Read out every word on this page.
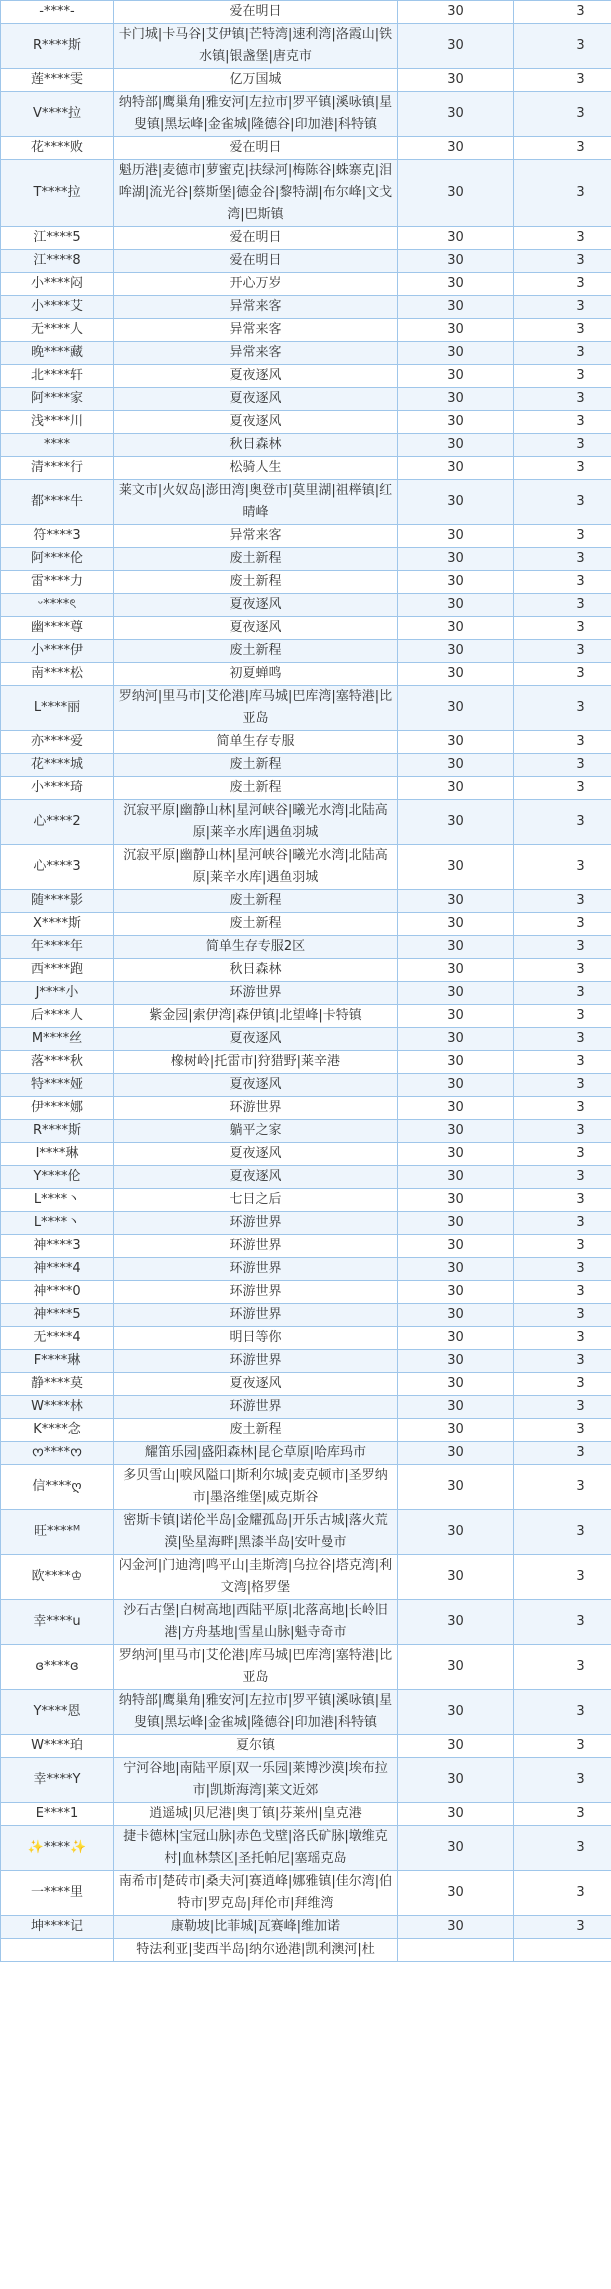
-****-	爱在明日	30	3
R****斯	卡门城|卡马谷|艾伊镇|芒特湾|速利湾|洛霞山|铁水镇|银盏堡|唐克市	30	3
莲****雯	亿万国城	30	3
V****拉	纳特部|鹰巢角|雅安河|左拉市|罗平镇|溪咏镇|星叟镇|黑坛峰|金雀城|隆德谷|印加港|科特镇	30	3
花****败	爱在明日	30	3
T****拉	魁历港|麦德市|萝蜜克|扶绿河|梅陈谷|蛛寨克|泪哞湖|流光谷|蔡斯堡|德金谷|黎特湖|布尔峰|文戈湾|巴斯镇	30	3
江****5	爱在明日	30	3
江****8	爱在明日	30	3
小****闷	开心万岁	30	3
小****艾	异常来客	30	3
无****人	异常来客	30	3
晚****藏	异常来客	30	3
北****轩	夏夜逐风	30	3
阿****家	夏夜逐风	30	3
浅****川	夏夜逐风	30	3
****	秋日森林	30	3
清****行	松骑人生	30	3
都****牛	莱文市|火奴岛|澎田湾|奥登市|莫里湖|祖榉镇|红晴峰	30	3
符****3	异常来客	30	3
阿****伦	废土新程	30	3
雷****力	废土新程	30	3
ᵕ****ৎ	夏夜逐风	30	3
幽****尊	夏夜逐风	30	3
小****伊	废土新程	30	3
南****松	初夏蝉鸣	30	3
L****丽	罗纳河|里马市|艾伦港|库马城|巴库湾|塞特港|比亚岛	30	3
亦****爱	简单生存专服	30	3
花****城	废土新程	30	3
小****琦	废土新程	30	3
心****2	沉寂平原|幽静山林|星河峡谷|曦光水湾|北陆高原|莱辛水库|遇鱼羽城	30	3
心****3	沉寂平原|幽静山林|星河峡谷|曦光水湾|北陆高原|莱辛水库|遇鱼羽城	30	3
随****影	废土新程	30	3
X****斯	废土新程	30	3
年****年	简单生存专服2区	30	3
西****跑	秋日森林	30	3
J****小	环游世界	30	3
后****人	紫金园|索伊湾|森伊镇|北望峰|卡特镇	30	3
M****丝	夏夜逐风	30	3
落****秋	橡树岭|托雷市|狩猎野|莱辛港	30	3
特****娅	夏夜逐风	30	3
伊****娜	环游世界	30	3
R****斯	躺平之家	30	3
I****琳	夏夜逐风	30	3
Y****伦	夏夜逐风	30	3
L****丶	七日之后	30	3
L****丶	环游世界	30	3
神****3	环游世界	30	3
神****4	环游世界	30	3
神****0	环游世界	30	3
神****5	环游世界	30	3
无****4	明日等你	30	3
F****琳	环游世界	30	3
静****莫	夏夜逐风	30	3
W****林	环游世界	30	3
K****念	废土新程	30	3
ᰔ****ᰔ	耀笛乐园|盛阳森林|昆仑草原|哈库玛市	30	3
信****ღ	多贝雪山|唳风隘口|斯利尔城|麦克顿市|圣罗纳市|墨洛维堡|威克斯谷	30	3
旺****ᴹ	密斯卡镇|诺伦半岛|金耀孤岛|开乐古城|落火荒漠|坠星海畔|黑漆半岛|安叶曼市	30	3
欧****♔	闪金河|门迪湾|鸣平山|圭斯湾|乌拉谷|塔克湾|利文湾|格罗堡	30	3
幸****u	沙石古堡|白树高地|西陆平原|北落高地|长岭旧港|方舟基地|雪星山脉|魁寺奇市	30	3
ɞ****ɞ	罗纳河|里马市|艾伦港|库马城|巴库湾|塞特港|比亚岛	30	3
Y****恩	纳特部|鹰巢角|雅安河|左拉市|罗平镇|溪咏镇|星叟镇|黑坛峰|金雀城|隆德谷|印加港|科特镇	30	3
W****珀	夏尔镇	30	3
幸****Y	宁河谷地|南陆平原|双一乐园|莱博沙漠|埃布拉市|凯斯海湾|莱文近郊	30	3
E****1	逍遥城|贝尼港|奥丁镇|芬莱州|皇克港	30	3
✨****✨	捷卡德林|宝冠山脉|赤色戈壁|洛氏矿脉|墩维克村|血林禁区|圣托帕尼|塞瑶克岛	30	3
一****里	南希市|楚砖市|桑夫河|赛逍峰|娜雅镇|佳尔湾|伯特市|罗克岛|拜伦市|拜维湾	30	3
坤****记	康勒坡|比菲城|瓦赛峰|维加诺	30	3
	特法利亚|斐西半岛|纳尔逊港|凯利澳河|杜		
